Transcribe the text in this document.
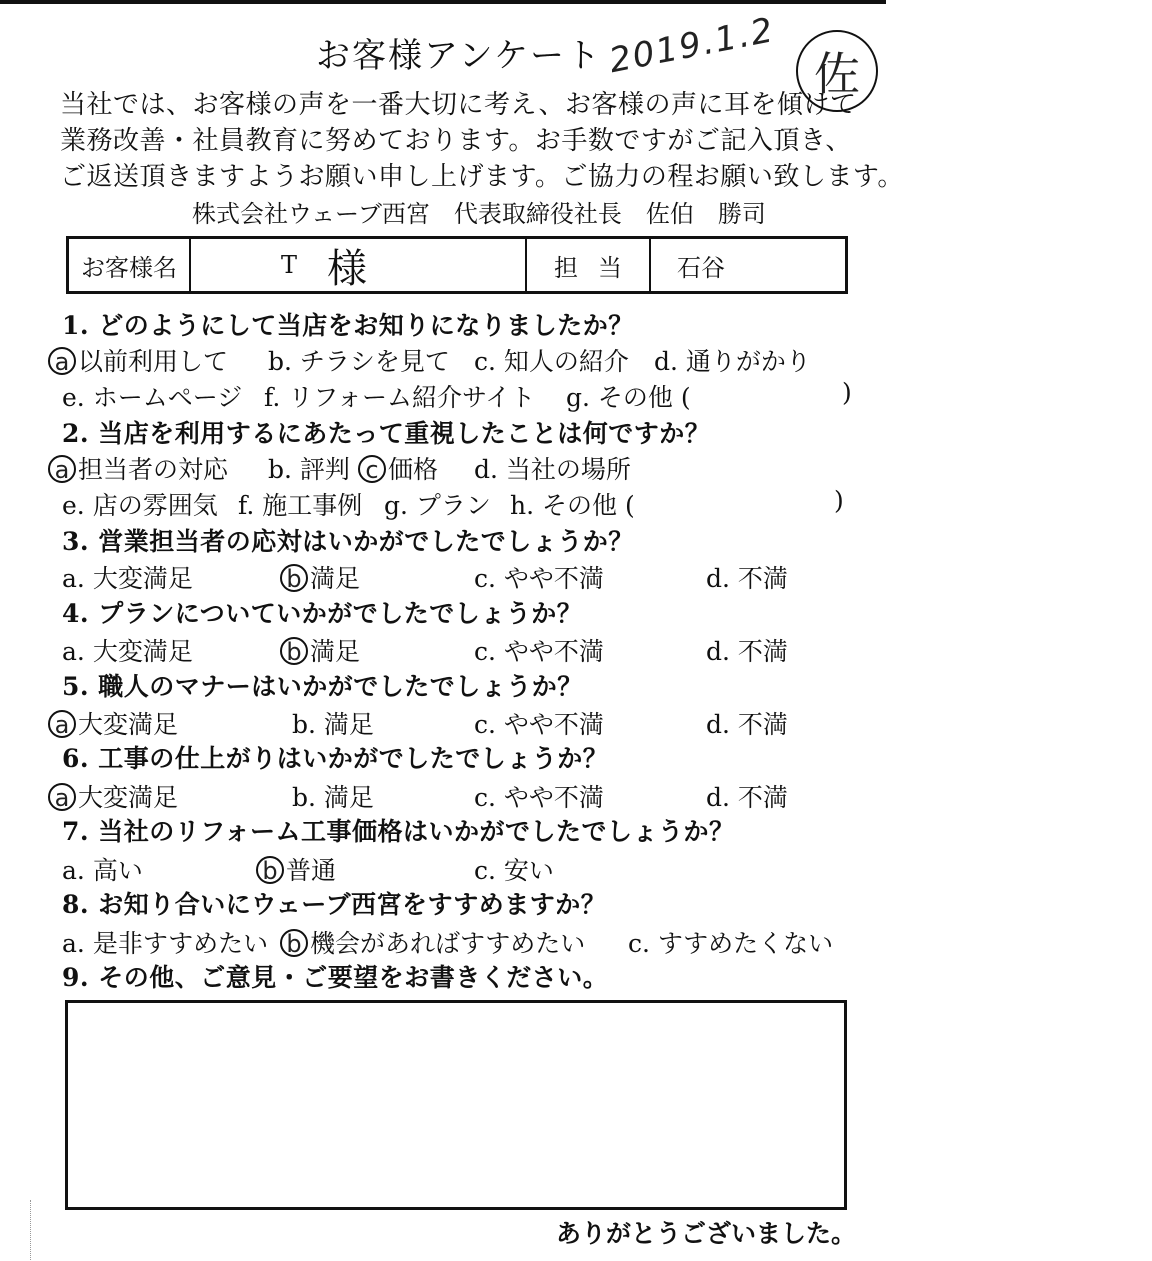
お客様アンケート 2019.1.2 佐
当社では、お客様の声を一番大切に考え、お客様の声に耳を傾けて
業務改善・社員教育に努めております。お手数ですがご記入頂き、
ご返送頂きますようお願い申し上げます。ご協力の程お願い致します。
株式会社ウェーブ西宮　代表取締役社長　佐伯　勝司
お客様名	T 様	担当	石谷
1. どのようにして当店をお知りになりましたか？
a 以前利用して b. チラシを見て c. 知人の紹介 d. 通りがかり
e. ホームページ f. リフォーム紹介サイト g. その他 (	)
2. 当店を利用するにあたって重視したことは何ですか？
a 担当者の対応 b. 評判 c 価格 d. 当社の場所
e. 店の雰囲気 f. 施工事例 g. プラン h. その他 (	)
3. 営業担当者の応対はいかがでしたでしょうか？
a. 大変満足	b 満足	c. やや不満	d. 不満
4. プランについていかがでしたでしょうか？
a. 大変満足	b 満足	c. やや不満	d. 不満
5. 職人のマナーはいかがでしたでしょうか？
a 大変満足	b. 満足	c. やや不満	d. 不満
6. 工事の仕上がりはいかがでしたでしょうか？
a 大変満足	b. 満足	c. やや不満	d. 不満
7. 当社のリフォーム工事価格はいかがでしたでしょうか？
a. 高い	b 普通	c. 安い
8. お知り合いにウェーブ西宮をすすめますか？
a. 是非すすめたい b 機会があればすすめたい c. すすめたくない
9. その他、ご意見・ご要望をお書きください。
ありがとうございました。
